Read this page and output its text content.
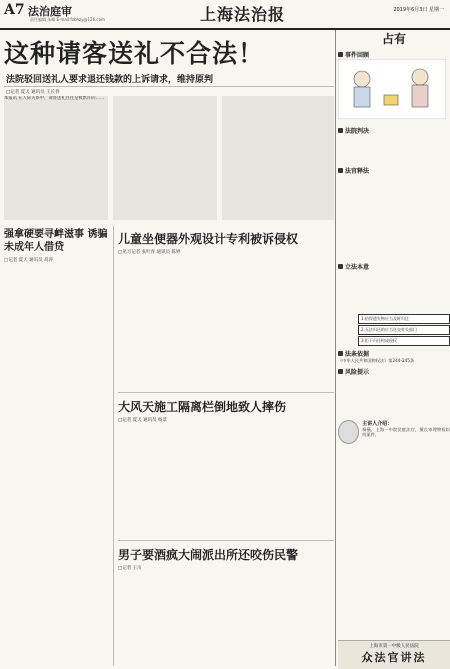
A7 法治庭审
责任编辑 朱峰 E-mail:fzbhzy@126.com	上海法治报	2019年6月3日 星期一
这种请客送礼不合法！
法院驳回送礼人要求退还钱款的上诉请求，维持原判
□记者 夏天 通讯员 王长春
本报讯 在人际关系中，请客送礼往往是被默许的……
强拿硬要寻衅滋事 诱骗未成年人借贷
□记者 夏天 通讯员 高涛
儿童坐便器外观设计专利被诉侵权
□见习记者 张叶青 通讯员 陈婷
大风天施工隔离栏倒地致人摔伤
□记者 夏天 通讯员 杨景
男子要酒疯大闹派出所还咬伤民警
□记者 王川
占有
事件回顾
法院判决
法官释法
立法本意
1.拾得遗失物应当及时归还
2.无法归还的应当送交有关部门
3.拒不归还构成侵权
法条依据
《中华人民共和国物权法》第244-245条
风险提示
主讲人介绍：
杨薇，上海一中院民庭法官，擅长审理物权纠纷案件。
上海市第一中级人民法院
众法官讲法
